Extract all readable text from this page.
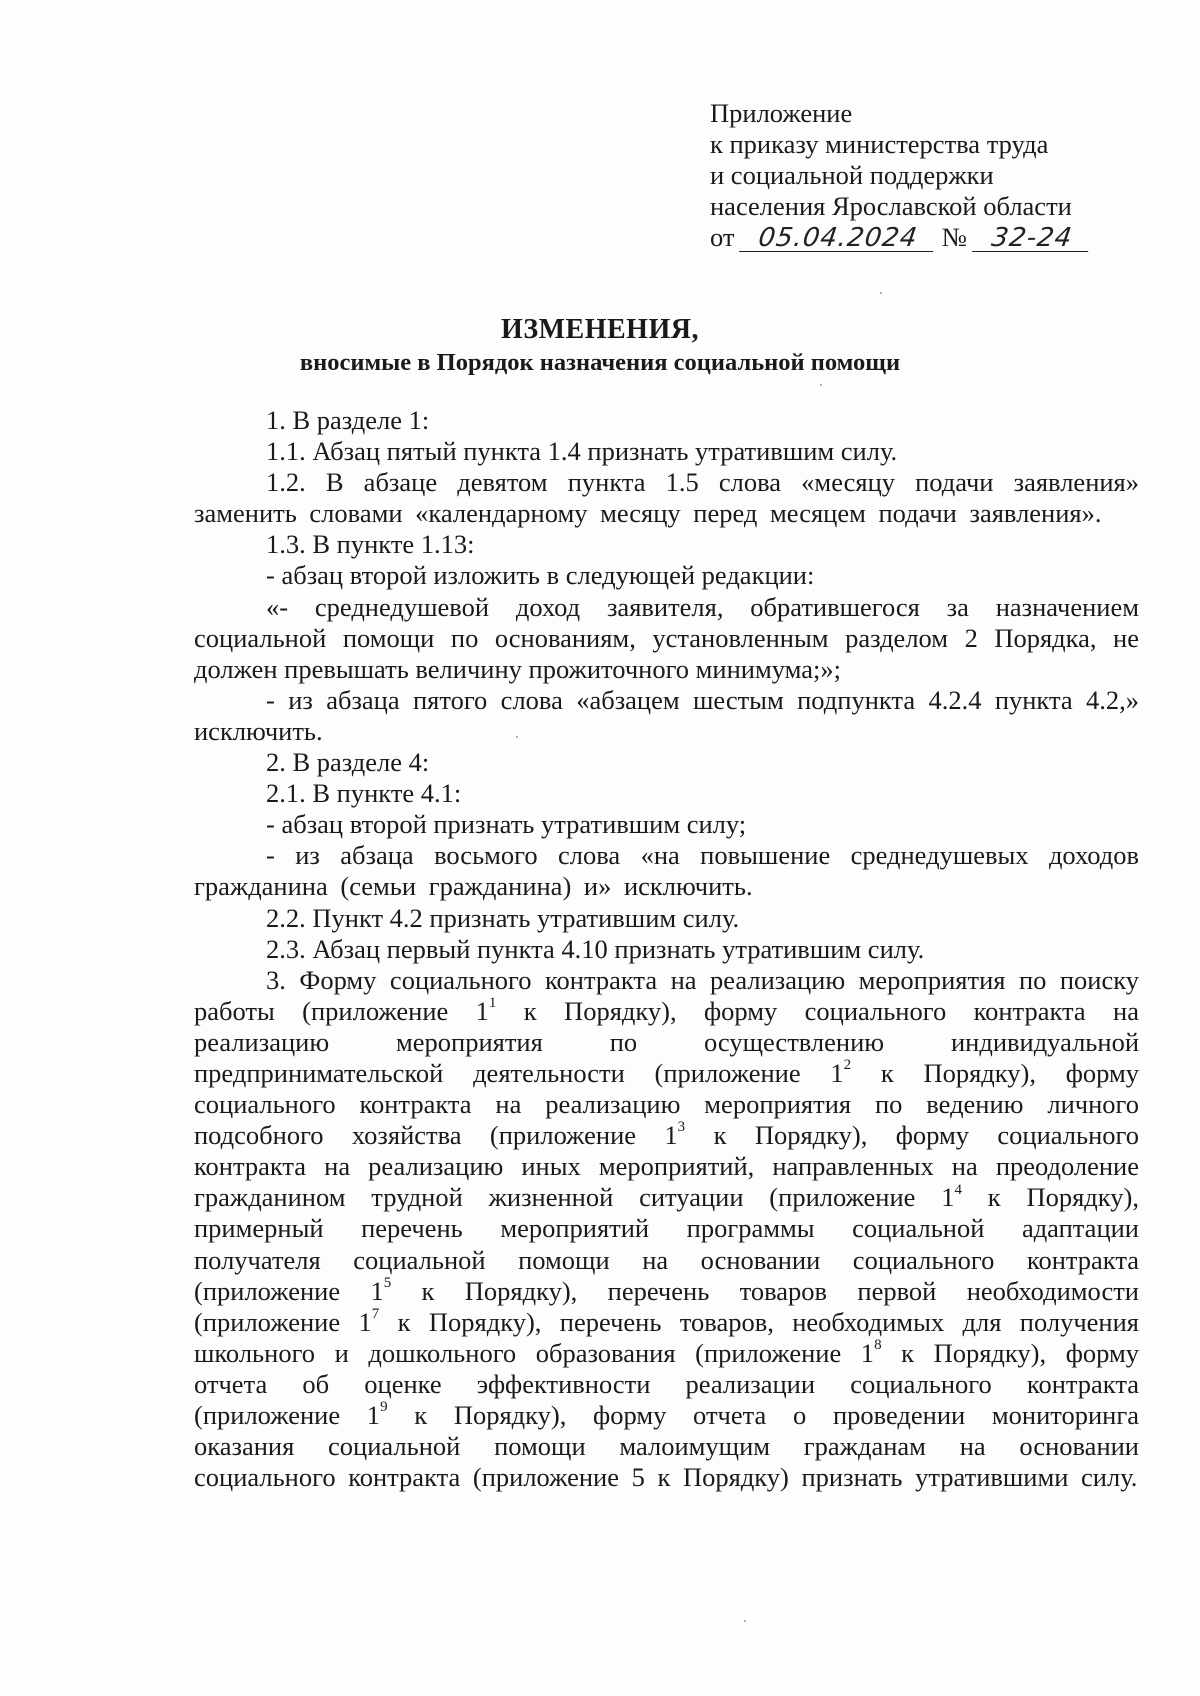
Приложение
к приказу министерства труда
и социальной поддержки
населения Ярославской области
от 05.04.2024 № 32-24
ИЗМЕНЕНИЯ,
вносимые в Порядок назначения социальной помощи

1. В разделе 1:

1.1. Абзац пятый пункта 1.4 признать утратившим силу.

1.2. В абзаце девятом пункта 1.5 слова «месяцу подачи заявления» заменить словами «календарному месяцу перед месяцем подачи заявления».

1.3. В пункте 1.13:

- абзац второй изложить в следующей редакции:

«- среднедушевой доход заявителя, обратившегося за назначением социальной помощи по основаниям, установленным разделом 2 Порядка, не должен превышать величину прожиточного минимума;»;

- из абзаца пятого слова «абзацем шестым подпункта 4.2.4 пункта 4.2,» исключить.

2. В разделе 4:

2.1. В пункте 4.1:

- абзац второй признать утратившим силу;

- из абзаца восьмого слова «на повышение среднедушевых доходов гражданина (семьи гражданина) и» исключить.

2.2. Пункт 4.2 признать утратившим силу.

2.3. Абзац первый пункта 4.10 признать утратившим силу.

3. Форму социального контракта на реализацию мероприятия по поиску работы (приложение $1^1$ к Порядку), форму социального контракта на реализацию мероприятия по осуществлению индивидуальной предпринимательской деятельности (приложение $1^2$ к Порядку), форму социального контракта на реализацию мероприятия по ведению личного подсобного хозяйства (приложение $1^3$ к Порядку), форму социального контракта на реализацию иных мероприятий, направленных на преодоление гражданином трудной жизненной ситуации (приложение $1^4$ к Порядку), примерный перечень мероприятий программы социальной адаптации получателя социальной помощи на основании социального контракта (приложение $1^5$ к Порядку), перечень товаров первой необходимости (приложение $1^7$ к Порядку), перечень товаров, необходимых для получения школьного и дошкольного образования (приложение $1^8$ к Порядку), форму отчета об оценке эффективности реализации социального контракта (приложение $1^9$ к Порядку), форму отчета о проведении мониторинга оказания социальной помощи малоимущим гражданам на основании социального контракта (приложение 5 к Порядку) признать утратившими силу.
